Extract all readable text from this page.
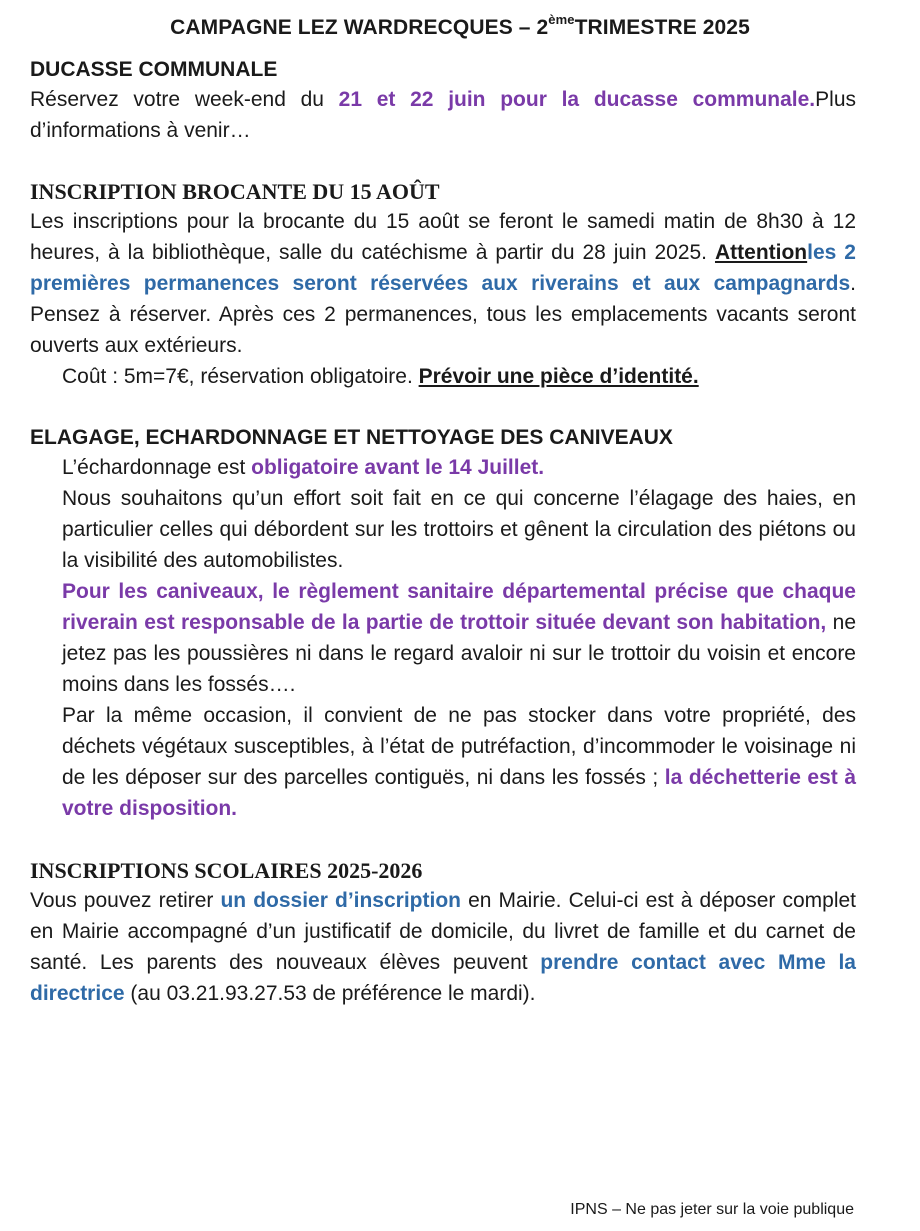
CAMPAGNE LEZ WARDRECQUES – 2èmeTRIMESTRE 2025
DUCASSE COMMUNALE

Réservez votre week-end du 21 et 22 juin pour la ducasse communale.Plus d’informations à venir…

INSCRIPTION BROCANTE DU 15 AOÛT

Les inscriptions pour la brocante du 15 août se feront le samedi matin de 8h30 à 12 heures, à la bibliothèque, salle du catéchisme à partir du 28 juin 2025. Attentionles 2 premières permanences seront réservées aux riverains et aux campagnards. Pensez à réserver. Après ces 2 permanences, tous les emplacements vacants seront ouverts aux extérieurs.

Coût : 5m=7€, réservation obligatoire. Prévoir une pièce d’identité.

ELAGAGE, ECHARDONNAGE ET NETTOYAGE DES CANIVEAUX

L’échardonnage est obligatoire avant le 14 Juillet.

Nous souhaitons qu’un effort soit fait en ce qui concerne l’élagage des haies, en particulier celles qui débordent sur les trottoirs et gênent la circulation des piétons ou la visibilité des automobilistes.

Pour les caniveaux, le règlement sanitaire départemental précise que chaque riverain est responsable de la partie de trottoir située devant son habitation, ne jetez pas les poussières ni dans le regard avaloir ni sur le trottoir du voisin et encore moins dans les fossés….

Par la même occasion, il convient de ne pas stocker dans votre propriété, des déchets végétaux susceptibles, à l’état de putréfaction, d’incommoder le voisinage ni de les déposer sur des parcelles contiguës, ni dans les fossés ; la déchetterie est à votre disposition.

INSCRIPTIONS SCOLAIRES 2025-2026

Vous pouvez retirer un dossier d’inscription en Mairie. Celui-ci est à déposer complet en Mairie accompagné d’un justificatif de domicile, du livret de famille et du carnet de santé. Les parents des nouveaux élèves peuvent prendre contact avec Mme la directrice (au 03.21.93.27.53 de préférence le mardi).

IPNS – Ne pas jeter sur la voie publique
